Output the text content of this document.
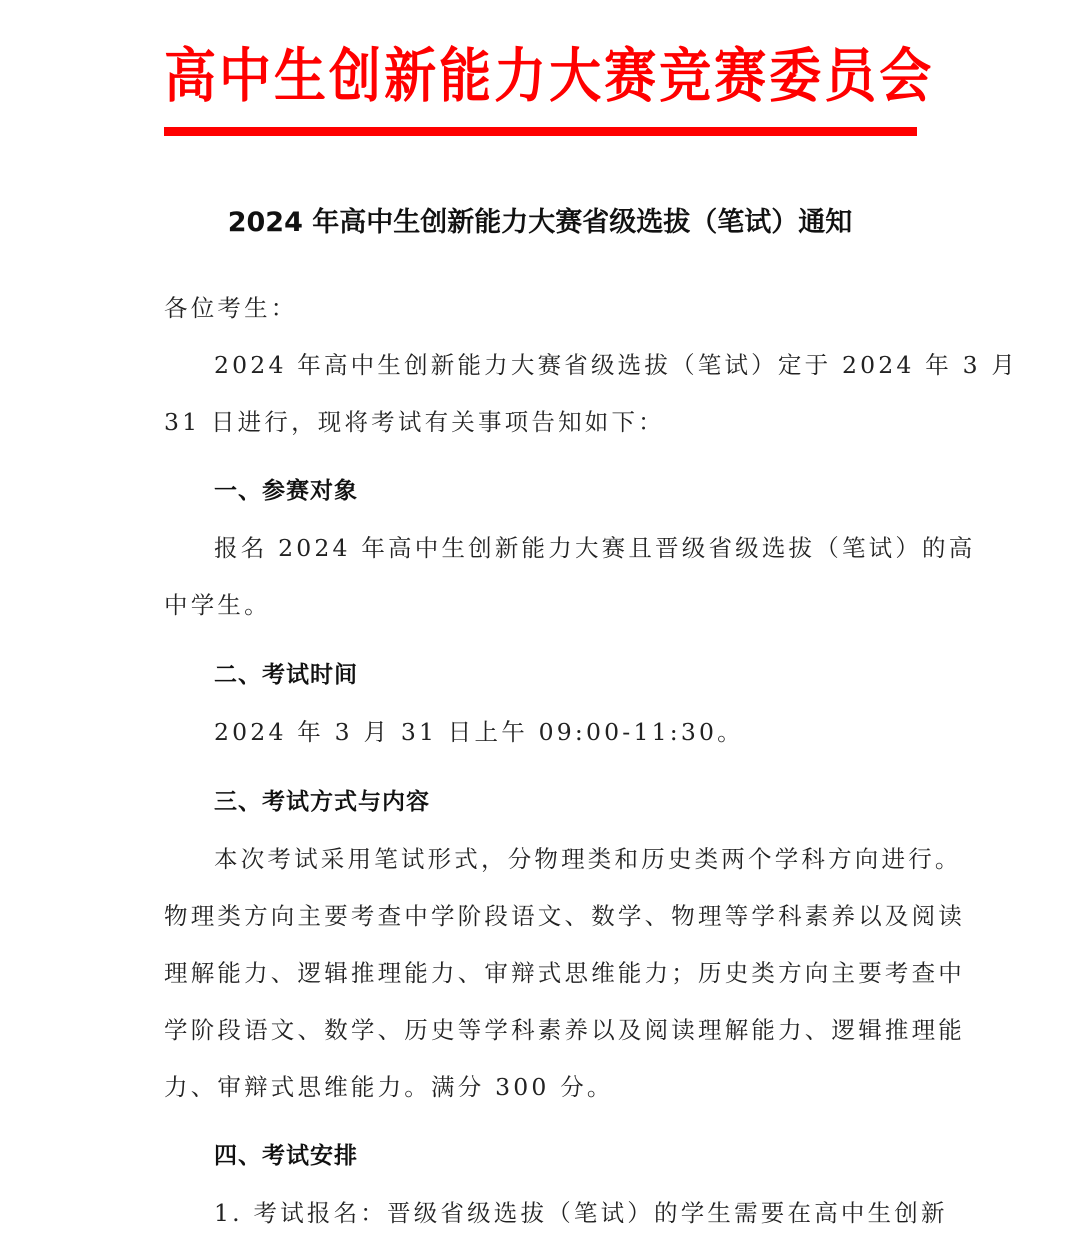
高 中 生 创 新 能 力 大 赛 竞 赛 委 员 会
2024 年高中生创新能力大赛省级选拔（笔试）通知
各位考生：
2024 年高中生创新能力大赛省级选拔（笔试）定于 2024 年 3 月
31 日进行，现将考试有关事项告知如下：
一、参赛对象
报名 2024 年高中生创新能力大赛且晋级省级选拔（笔试）的高
中学生。
二、考试时间
2024 年 3 月 31 日上午 09:00-11:30。
三、考试方式与内容
本次考试采用笔试形式，分物理类和历史类两个学科方向进行。
物理类方向主要考查中学阶段语文、数学、物理等学科素养以及阅读
理解能力、逻辑推理能力、审辩式思维能力；历史类方向主要考查中
学阶段语文、数学、历史等学科素养以及阅读理解能力、逻辑推理能
力、审辩式思维能力。满分 300 分。
四、考试安排
1. 考试报名：晋级省级选拔（笔试）的学生需要在高中生创新
